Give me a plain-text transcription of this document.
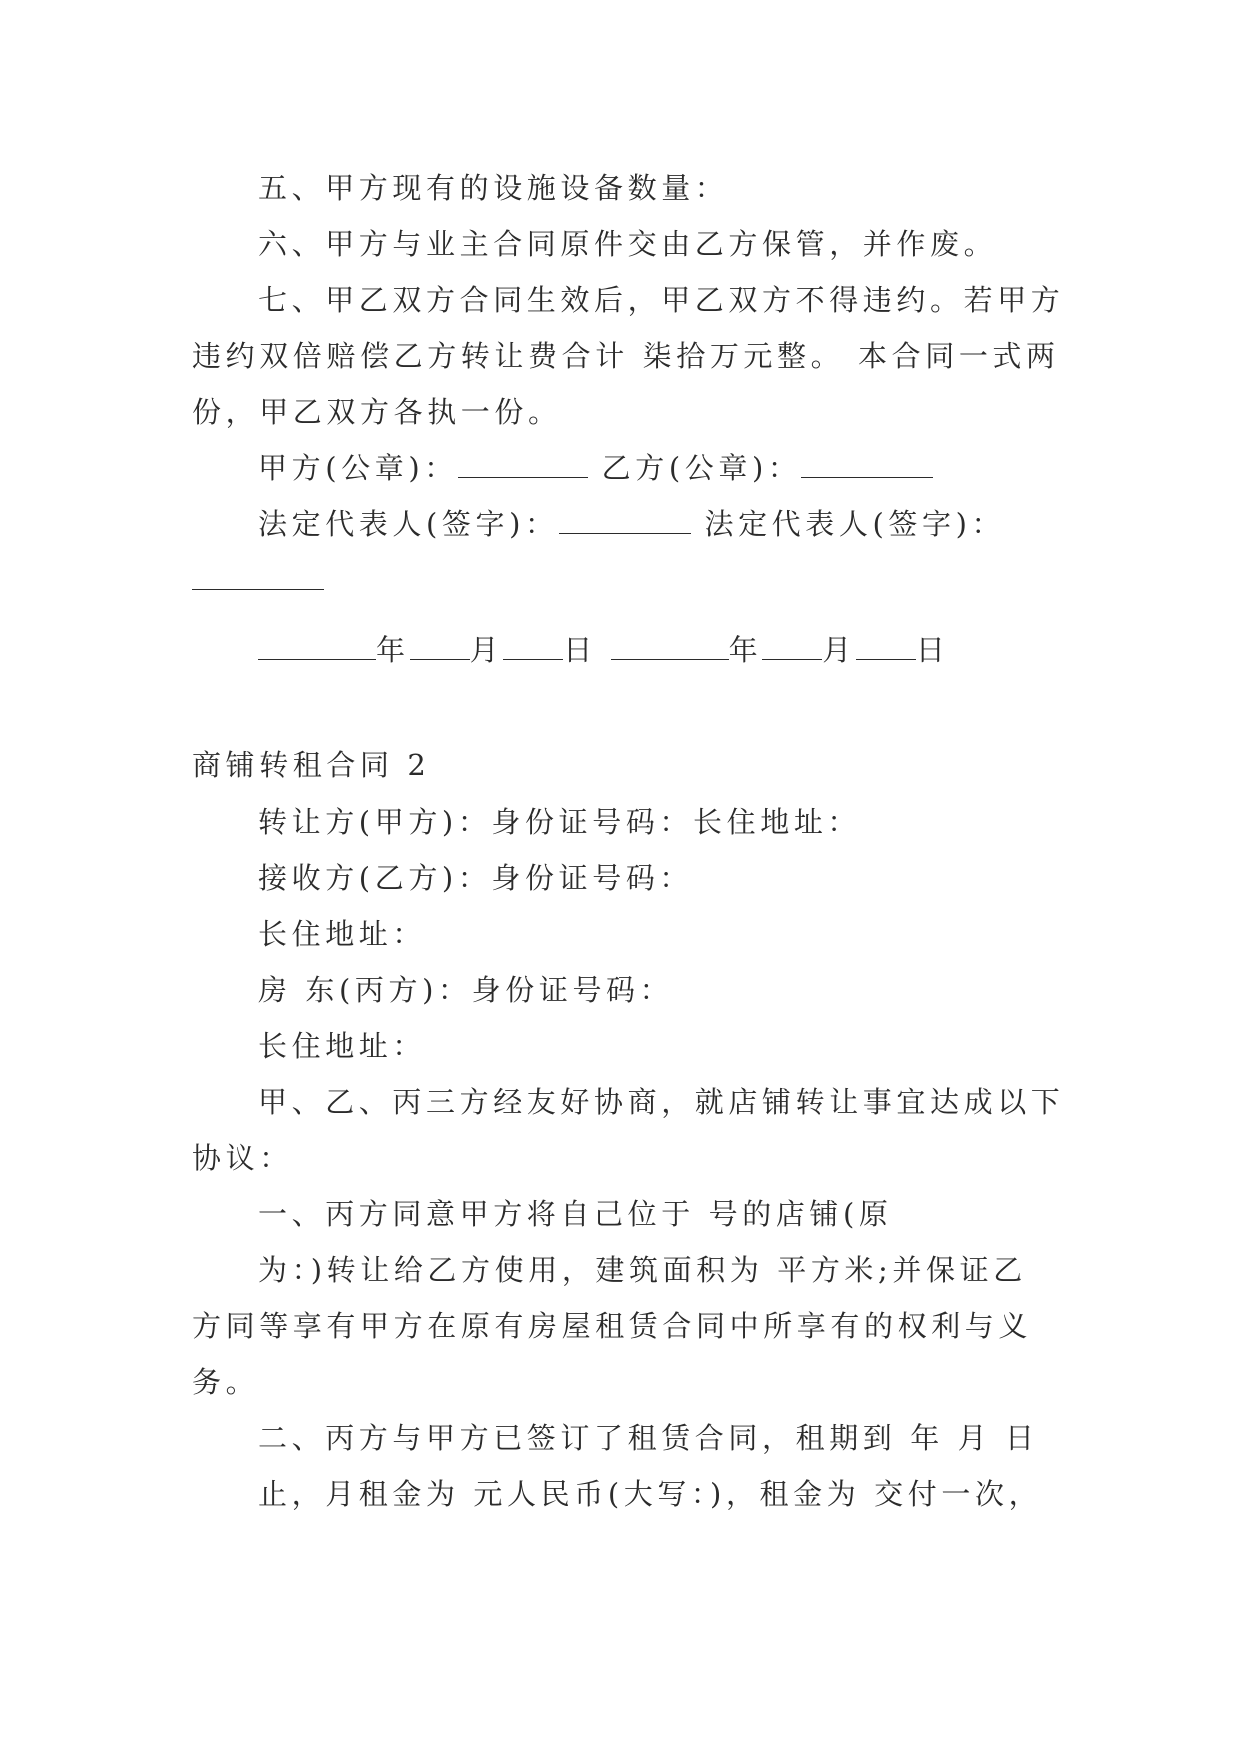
五、甲方现有的设施设备数量：
六、甲方与业主合同原件交由乙方保管，并作废。
七、甲乙双方合同生效后，甲乙双方不得违约。若甲方
违约双倍赔偿乙方转让费合计 柒拾万元整。 本合同一式两
份，甲乙双方各执一份。
甲方(公章)：	乙方(公章)：
法定代表人(签字)：	法定代表人(签字)：
年 月 日	年 月 日
商铺转租合同 2
转让方(甲方)：身份证号码：长住地址：
接收方(乙方)：身份证号码：
长住地址：
房 东(丙方)：身份证号码：
长住地址：
甲、乙、丙三方经友好协商，就店铺转让事宜达成以下
协议：
一、丙方同意甲方将自己位于 号的店铺(原
为：)转让给乙方使用，建筑面积为 平方米;并保证乙
方同等享有甲方在原有房屋租赁合同中所享有的权利与义
务。
二、丙方与甲方已签订了租赁合同，租期到 年 月 日
止，月租金为 元人民币(大写：)，租金为 交付一次，
